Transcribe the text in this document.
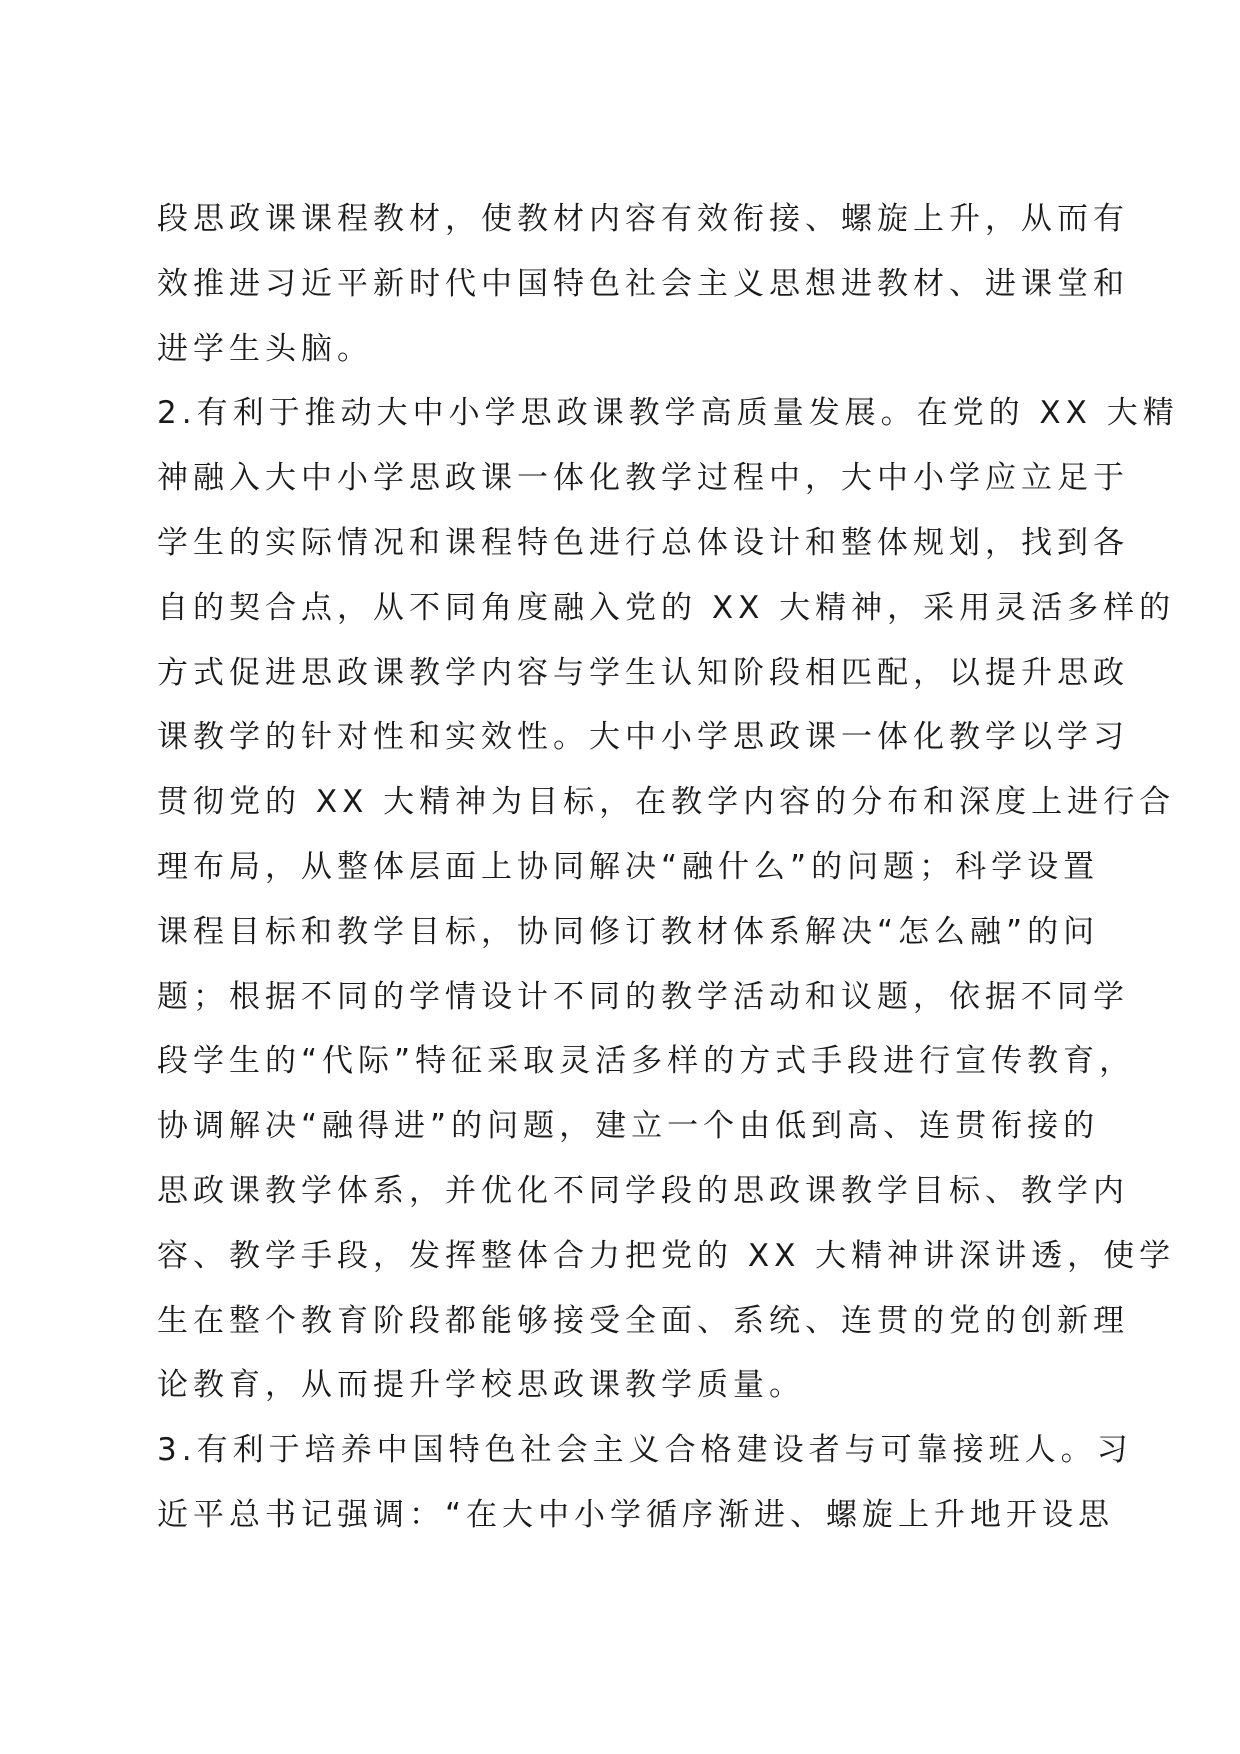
段思政课课程教材，使教材内容有效衔接、螺旋上升，从而有
效推进习近平新时代中国特色社会主义思想进教材、进课堂和
进学生头脑。
2.有利于推动大中小学思政课教学高质量发展。在党的 XX 大精
神融入大中小学思政课一体化教学过程中，大中小学应立足于
学生的实际情况和课程特色进行总体设计和整体规划，找到各
自的契合点，从不同角度融入党的 XX 大精神，采用灵活多样的
方式促进思政课教学内容与学生认知阶段相匹配，以提升思政
课教学的针对性和实效性。大中小学思政课一体化教学以学习
贯彻党的 XX 大精神为目标，在教学内容的分布和深度上进行合
理布局，从整体层面上协同解决“融什么”的问题；科学设置
课程目标和教学目标，协同修订教材体系解决“怎么融”的问
题；根据不同的学情设计不同的教学活动和议题，依据不同学
段学生的“代际”特征采取灵活多样的方式手段进行宣传教育，
协调解决“融得进”的问题，建立一个由低到高、连贯衔接的
思政课教学体系，并优化不同学段的思政课教学目标、教学内
容、教学手段，发挥整体合力把党的 XX 大精神讲深讲透，使学
生在整个教育阶段都能够接受全面、系统、连贯的党的创新理
论教育，从而提升学校思政课教学质量。
3.有利于培养中国特色社会主义合格建设者与可靠接班人。习
近平总书记强调：“在大中小学循序渐进、螺旋上升地开设思
